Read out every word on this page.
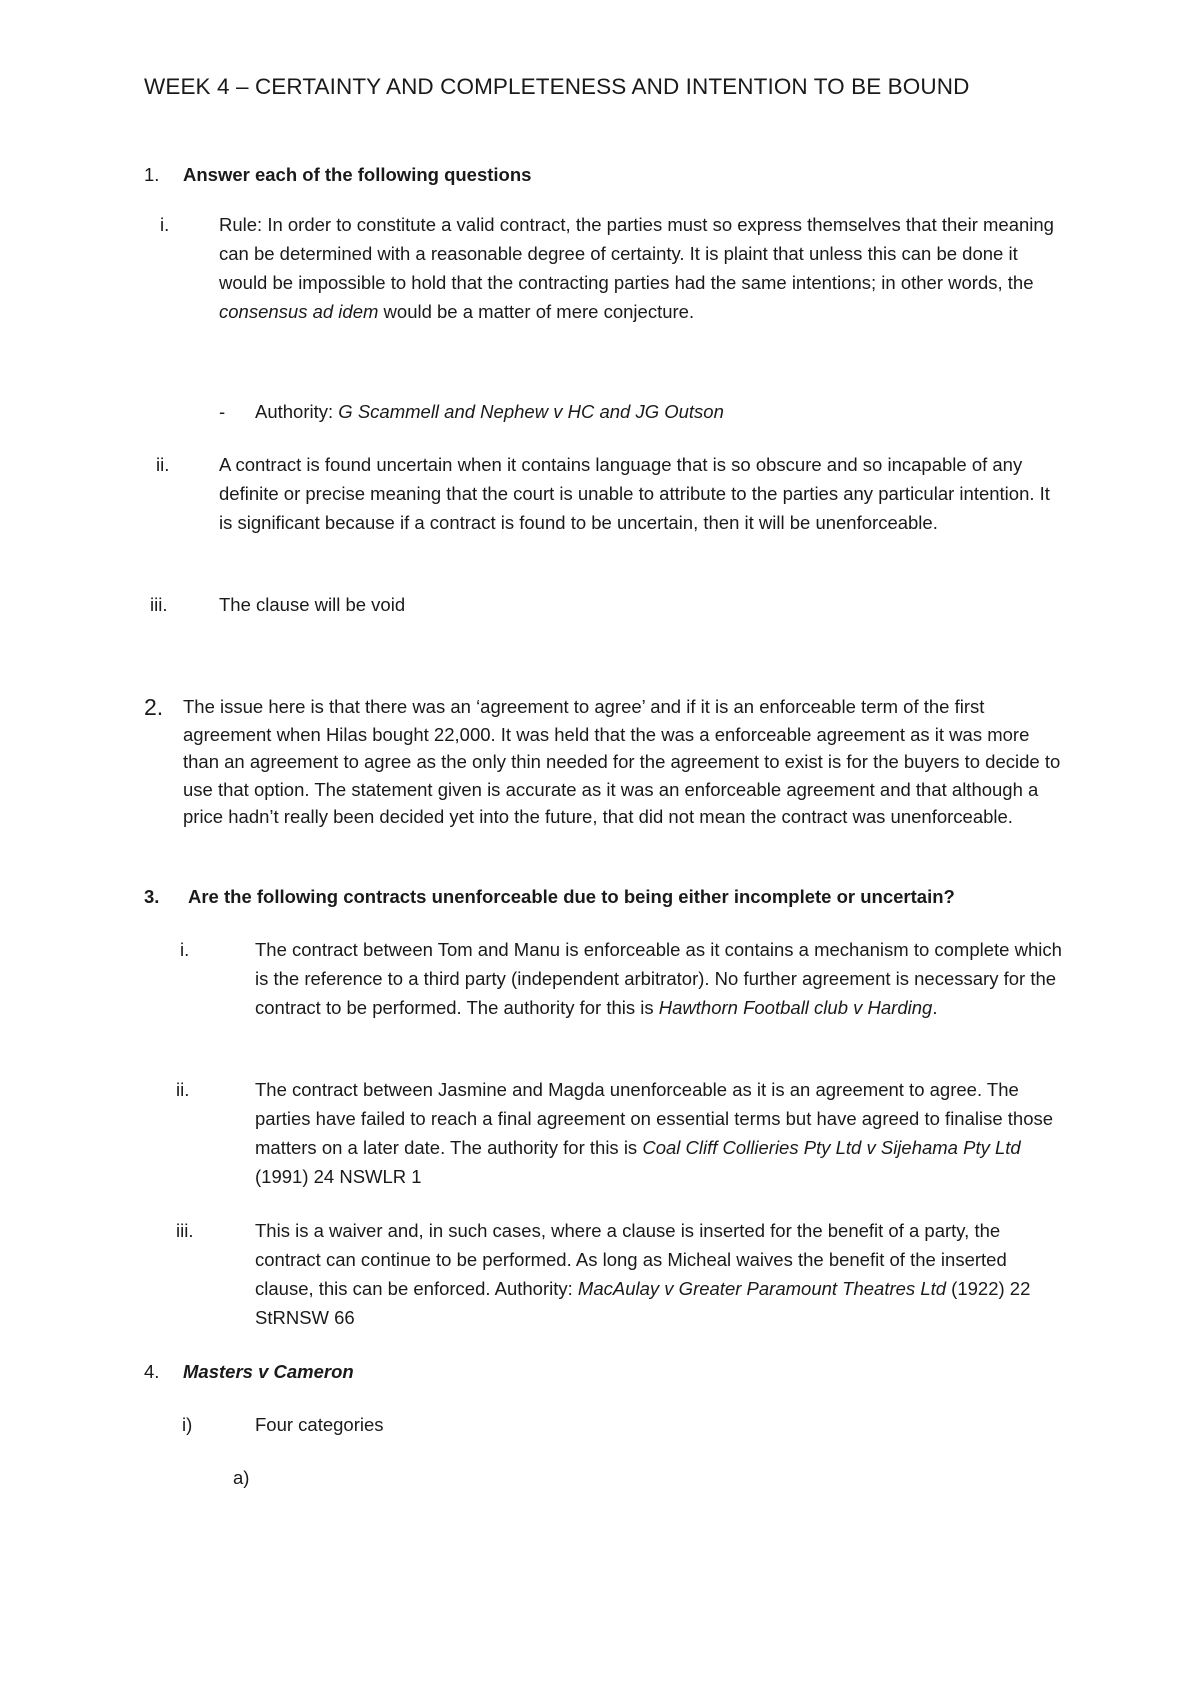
WEEK 4 – CERTAINTY AND COMPLETENESS AND INTENTION TO BE BOUND
1. Answer each of the following questions
i.	Rule: In order to constitute a valid contract, the parties must so express themselves that their meaning can be determined with a reasonable degree of certainty. It is plaint that unless this can be done it would be impossible to hold that the contracting parties had the same intentions; in other words, the consensus ad idem would be a matter of mere conjecture.
- Authority: G Scammell and Nephew v HC and JG Outson
ii.	A contract is found uncertain when it contains language that is so obscure and so incapable of any definite or precise meaning that the court is unable to attribute to the parties any particular intention. It is significant because if a contract is found to be uncertain, then it will be unenforceable.
iii.	The clause will be void
2. The issue here is that there was an ‘agreement to agree’ and if it is an enforceable term of the first agreement when Hilas bought 22,000. It was held that the was a enforceable agreement as it was more than an agreement to agree as the only thin needed for the agreement to exist is for the buyers to decide to use that option. The statement given is accurate as it was an enforceable agreement and that although a price hadn’t really been decided yet into the future, that did not mean the contract was unenforceable.
3. Are the following contracts unenforceable due to being either incomplete or uncertain?
i.	The contract between Tom and Manu is enforceable as it contains a mechanism to complete which is the reference to a third party (independent arbitrator). No further agreement is necessary for the contract to be performed. The authority for this is Hawthorn Football club v Harding.
ii.	The contract between Jasmine and Magda unenforceable as it is an agreement to agree. The parties have failed to reach a final agreement on essential terms but have agreed to finalise those matters on a later date. The authority for this is Coal Cliff Collieries Pty Ltd v Sijehama Pty Ltd (1991) 24 NSWLR 1
iii.	This is a waiver and, in such cases, where a clause is inserted for the benefit of a party, the contract can continue to be performed. As long as Micheal waives the benefit of the inserted clause, this can be enforced. Authority: MacAulay v Greater Paramount Theatres Ltd (1922) 22 StRNSW 66
4. Masters v Cameron
i)	Four categories
a)
